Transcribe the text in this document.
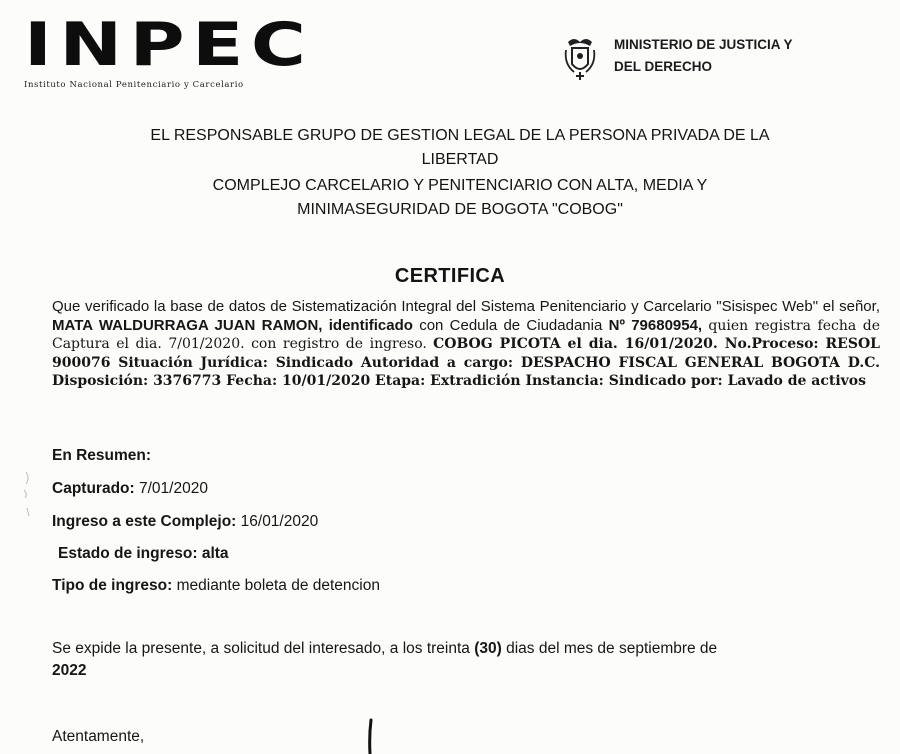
INPEC
Instituto Nacional Penitenciario y Carcelario
MINISTERIO DE JUSTICIA Y
DEL DERECHO
EL RESPONSABLE GRUPO DE GESTION LEGAL DE LA PERSONA PRIVADA DE LA
LIBERTAD
COMPLEJO CARCELARIO Y PENITENCIARIO CON ALTA, MEDIA Y
MINIMASEGURIDAD DE BOGOTA "COBOG"
CERTIFICA
Que verificado la base de datos de Sistematización Integral del Sistema Penitenciario y Carcelario "Sisispec Web" el señor, MATA WALDURRAGA JUAN RAMON, identificado con Cedula de Ciudadania Nº 79680954, quien registra fecha de Captura el dia. 7/01/2020. con registro de ingreso. COBOG PICOTA el dia. 16/01/2020. No.Proceso: RESOL 900076 Situación Jurídica: Sindicado Autoridad a cargo: DESPACHO FISCAL GENERAL BOGOTA D.C. Disposición: 3376773 Fecha: 10/01/2020 Etapa: Extradición Instancia: Sindicado por: Lavado de activos
En Resumen:
Capturado: 7/01/2020
Ingreso a este Complejo: 16/01/2020
Estado de ingreso: alta
Tipo de ingreso: mediante boleta de detencion
Se expide la presente, a solicitud del interesado, a los treinta (30) dias del mes de septiembre de
2022
Atentamente,
